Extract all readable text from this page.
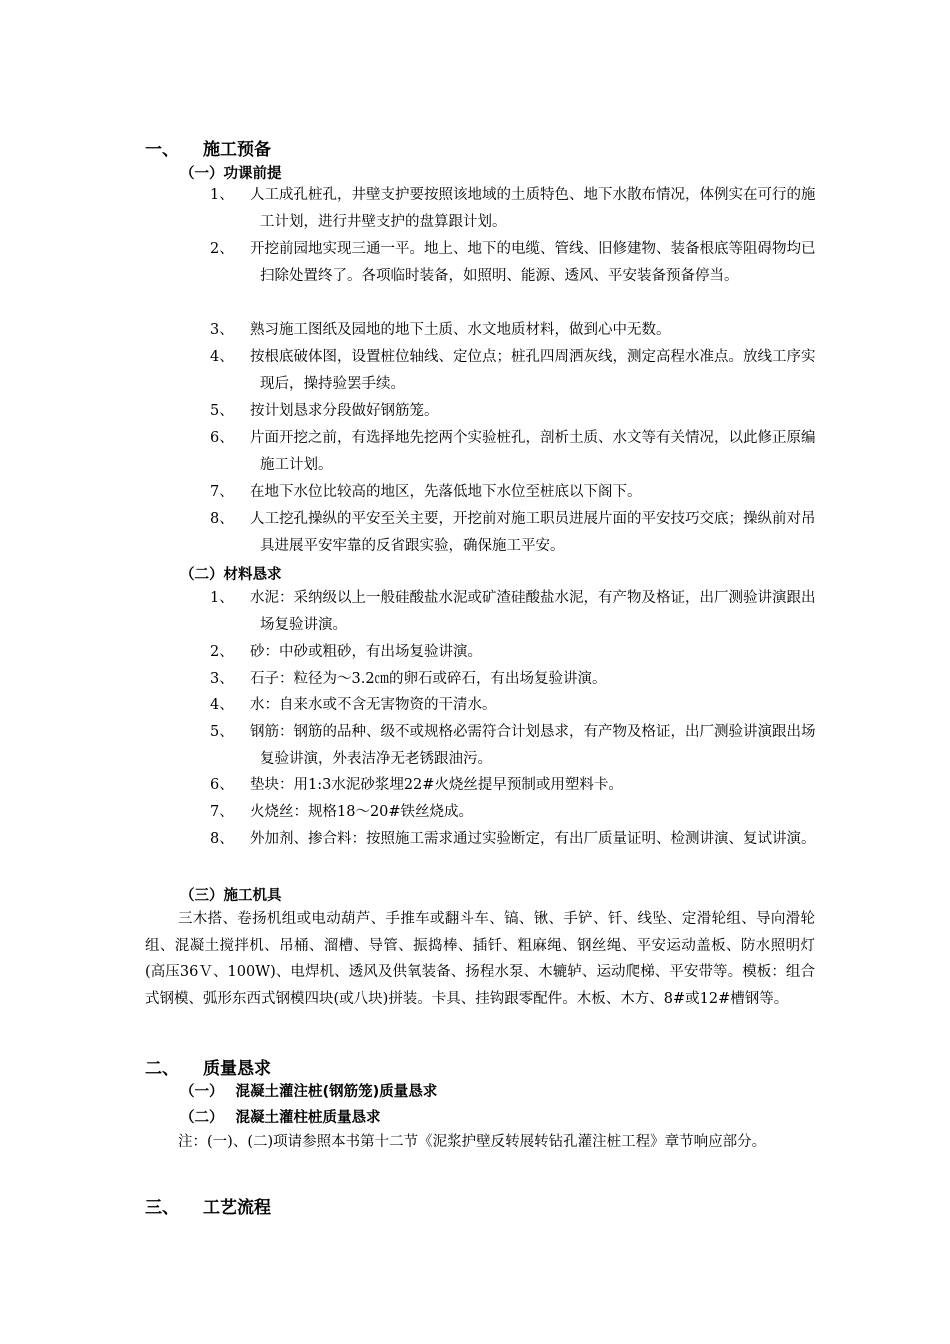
一、 施工预备
（一）功课前提
1、 人工成孔桩孔，井壁支护要按照该地域的土质特色、地下水散布情况，体例实在可行的施工计划，进行井壁支护的盘算跟计划。
2、 开挖前园地实现三通一平。地上、地下的电缆、管线、旧修建物、装备根底等阻碍物均已扫除处置终了。各项临时装备，如照明、能源、透风、平安装备预备停当。
3、 熟习施工图纸及园地的地下土质、水文地质材料，做到心中无数。
4、 按根底破体图，设置桩位轴线、定位点；桩孔四周洒灰线，测定高程水准点。放线工序实现后，操持验罢手续。
5、 按计划恳求分段做好钢筋笼。
6、 片面开挖之前，有选择地先挖两个实验桩孔，剖析土质、水文等有关情况，以此修正原编施工计划。
7、 在地下水位比较高的地区，先落低地下水位至桩底以下阁下。
8、 人工挖孔操纵的平安至关主要，开挖前对施工职员进展片面的平安技巧交底；操纵前对吊具进展平安牢靠的反省跟实验，确保施工平安。
（二）材料恳求
1、 水泥：采纳级以上一般硅酸盐水泥或矿渣硅酸盐水泥，有产物及格证，出厂测验讲演跟出场复验讲演。
2、 砂：中砂或粗砂，有出场复验讲演。
3、 石子：粒径为～3.2㎝的卵石或碎石，有出场复验讲演。
4、 水：自来水或不含无害物资的干清水。
5、 钢筋：钢筋的品种、级不或规格必需符合计划恳求，有产物及格证，出厂测验讲演跟出场复验讲演，外表洁净无老锈跟油污。
6、 垫块：用1:3水泥砂浆埋22#火烧丝提早预制或用塑料卡。
7、 火烧丝：规格18～20#铁丝烧成。
8、 外加剂、掺合料：按照施工需求通过实验断定，有出厂质量证明、检测讲演、复试讲演。
（三）施工机具
三木搭、卷扬机组或电动葫芦、手推车或翻斗车、镐、锹、手铲、钎、线坠、定滑轮组、导向滑轮组、混凝土搅拌机、吊桶、溜槽、导管、振捣棒、插钎、粗麻绳、钢丝绳、平安运动盖板、防水照明灯(高压36Ｖ、100W)、电焊机、透风及供氧装备、扬程水泵、木辘轳、运动爬梯、平安带等。模板：组合式钢模、弧形东西式钢模四块(或八块)拼装。卡具、挂钩跟零配件。木板、木方、8#或12#槽钢等。
二、 质量恳求
（一） 混凝土灌注桩(钢筋笼)质量恳求
（二） 混凝土灌柱桩质量恳求
注：(一)、(二)项请参照本书第十二节《泥浆护壁反转展转钻孔灌注桩工程》章节响应部分。
三、 工艺流程
